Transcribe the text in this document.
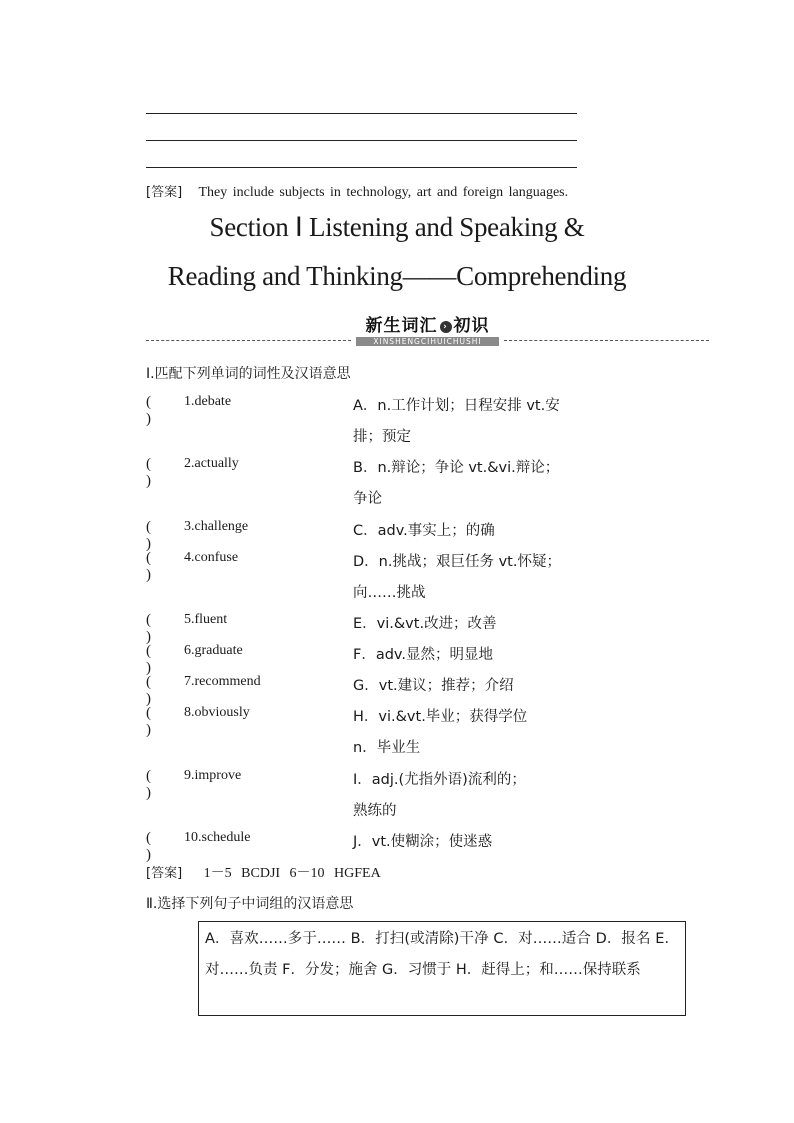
[答案] They include subjects in technology, art and foreign languages.
Section Ⅰ Listening and Speaking &
Reading and Thinking——Comprehending
新生词汇 › 初识
XINSHENGCIHUICHUSHI
Ⅰ.匹配下列单词的词性及汉语意思
( )
1.debate	A．n.工作计划；日程安排 vt.安
排；预定
( )
2.actually	B．n.辩论；争论 vt.&vi.辩论；
争论
( )
3.challenge	C．adv.事实上；的确
( )
4.confuse	D．n.挑战；艰巨任务 vt.怀疑；
向……挑战
( )
5.fluent	E．vi.&vt.改进；改善
( )
6.graduate	F．adv.显然；明显地
( )
7.recommend	G．vt.建议；推荐；介绍
( )
8.obviously	H．vi.&vt.毕业；获得学位
n．毕业生
( )
9.improve	I．adj.(尤指外语)流利的；
熟练的
( )
10.schedule	J．vt.使糊涂；使迷惑
[答案] 1－5 BCDJI 6－10 HGFEA
Ⅱ.选择下列句子中词组的汉语意思
A．喜欢……多于…… B．打扫(或清除)干净 C．对……适合 D．报名 E．对……负责 F．分发；施舍 G．习惯于 H．赶得上；和……保持联系
